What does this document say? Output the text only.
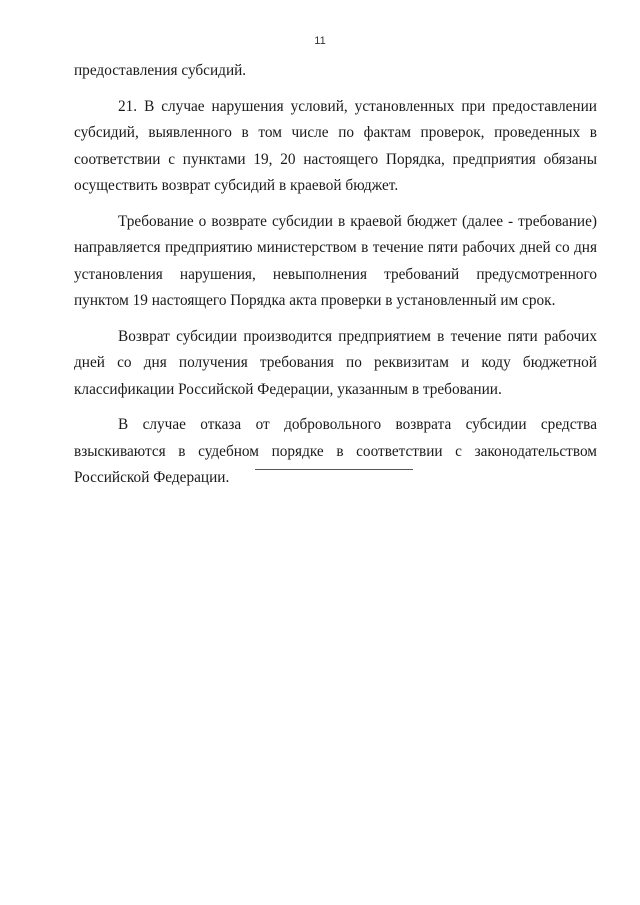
11

предоставления субсидий.

21. В случае нарушения условий, установленных при предоставлении субсидий, выявленного в том числе по фактам проверок, проведенных в соответствии с пунктами 19, 20 настоящего Порядка, предприятия обязаны осуществить возврат субсидий в краевой бюджет.

Требование о возврате субсидии в краевой бюджет (далее - требование) направляется предприятию министерством в течение пяти рабочих дней со дня установления нарушения, невыполнения требований предусмотренного пунктом 19 настоящего Порядка акта проверки в установленный им срок.

Возврат субсидии производится предприятием в течение пяти рабочих дней со дня получения требования по реквизитам и коду бюджетной классификации Российской Федерации, указанным в требовании.

В случае отказа от добровольного возврата субсидии средства взыскиваются в судебном порядке в соответствии с законодательством Российской Федерации.
